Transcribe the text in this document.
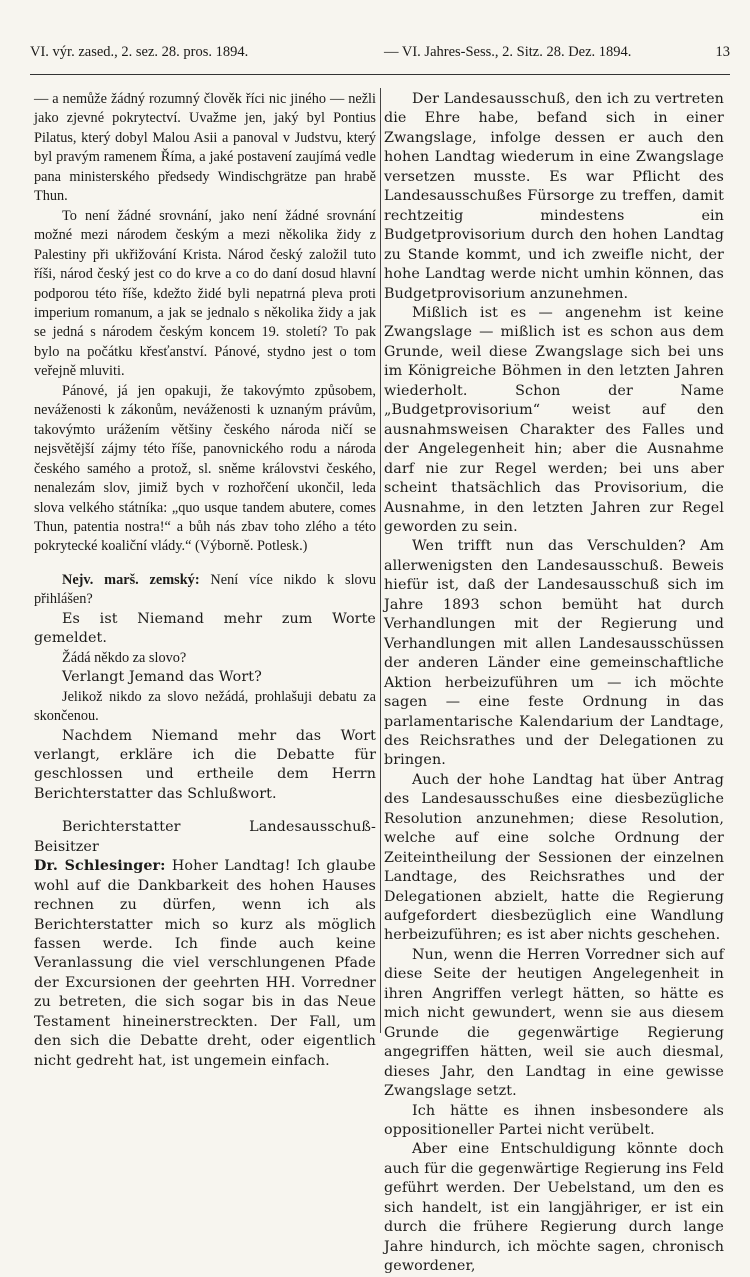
VI. výr. zased., 2. sez. 28. pros. 1894.	— VI. Jahres-Sess., 2. Sitz. 28. Dez. 1894.	13

— a nemůže žádný rozumný člověk říci nic jiného — nežli jako zjevné pokrytectví. Uvažme jen, jaký byl Pontius Pilatus, který dobyl Malou Asii a panoval v Judstvu, který byl pravým ramenem Říma, a jaké postavení zaujímá vedle pana ministerského předsedy Windischgrätze pan hrabě Thun.

To není žádné srovnání, jako není žádné srovnání možné mezi národem českým a mezi několika židy z Palestiny při ukřižování Krista. Národ český založil tuto říši, národ český jest co do krve a co do daní dosud hlavní podporou této říše, kdežto židé byli nepatrná pleva proti imperium romanum, a jak se jednalo s několika židy a jak se jedná s národem českým koncem 19. století? To pak bylo na počátku křesťanství. Pánové, stydno jest o tom veřejně mluviti.

Pánové, já jen opakuji, že takovýmto způsobem, neváženosti k zákonům, neváženosti k uznaným právům, takovýmto urážením většiny českého národa ničí se nejsvětější zájmy této říše, panovnického rodu a národa českého samého a protož, sl. sněme královstvi českého, nenalezám slov, jimiž bych v rozhořčení ukončil, leda slova velkého státníka: „quo usque tandem abutere, comes Thun, patentia nostra!“ a bůh nás zbav toho zlého a této pokrytecké koaliční vlády.“ (Výborně. Potlesk.)

Nejv. marš. zemský: Není více nikdo k slovu přihlášen?

Es ist Niemand mehr zum Worte gemeldet.

Žádá někdo za slovo?

Verlangt Jemand das Wort?

Jelikož nikdo za slovo nežádá, prohlašuji debatu za skončenou.

Nachdem Niemand mehr das Wort verlangt, erkläre ich die Debatte für geschlossen und ertheile dem Herrn Berichterstatter das Schlußwort.

Berichterstatter Landesausschuß-Beisitzer

Dr. Schlesinger: Hoher Landtag! Ich glaube wohl auf die Dankbarkeit des hohen Hauses rechnen zu dürfen, wenn ich als Berichterstatter mich so kurz als möglich fassen werde. Ich finde auch keine Veranlassung die viel verschlungenen Pfade der Excursionen der geehrten HH. Vorredner zu betreten, die sich sogar bis in das Neue Testament hineinerstreckten. Der Fall, um den sich die Debatte dreht, oder eigentlich nicht gedreht hat, ist ungemein einfach.

Der Landesausschuß, den ich zu vertreten die Ehre habe, befand sich in einer Zwangslage, infolge dessen er auch den hohen Landtag wiederum in eine Zwangslage versetzen musste. Es war Pflicht des Landesausschußes Fürsorge zu treffen, damit rechtzeitig mindestens ein Budgetprovisorium durch den hohen Landtag zu Stande kommt, und ich zweifle nicht, der hohe Landtag werde nicht umhin können, das Budgetprovisorium anzunehmen.

Mißlich ist es — angenehm ist keine Zwangslage — mißlich ist es schon aus dem Grunde, weil diese Zwangslage sich bei uns im Königreiche Böhmen in den letzten Jahren wiederholt. Schon der Name „Budgetprovisorium“ weist auf den ausnahmsweisen Charakter des Falles und der Angelegenheit hin; aber die Ausnahme darf nie zur Regel werden; bei uns aber scheint thatsächlich das Provisorium, die Ausnahme, in den letzten Jahren zur Regel geworden zu sein.

Wen trifft nun das Verschulden? Am allerwenigsten den Landesausschuß. Beweis hiefür ist, daß der Landesausschuß sich im Jahre 1893 schon bemüht hat durch Verhandlungen mit der Regierung und Verhandlungen mit allen Landesausschüssen der anderen Länder eine gemeinschaftliche Aktion herbeizuführen um — ich möchte sagen — eine feste Ordnung in das parlamentarische Kalendarium der Landtage, des Reichsrathes und der Delegationen zu bringen.

Auch der hohe Landtag hat über Antrag des Landesausschußes eine diesbezügliche Resolution anzunehmen; diese Resolution, welche auf eine solche Ordnung der Zeiteintheilung der Sessionen der einzelnen Landtage, des Reichsrathes und der Delegationen abzielt, hatte die Regierung aufgefordert diesbezüglich eine Wandlung herbeizuführen; es ist aber nichts geschehen.

Nun, wenn die Herren Vorredner sich auf diese Seite der heutigen Angelegenheit in ihren Angriffen verlegt hätten, so hätte es mich nicht gewundert, wenn sie aus diesem Grunde die gegenwärtige Regierung angegriffen hätten, weil sie auch diesmal, dieses Jahr, den Landtag in eine gewisse Zwangslage setzt.

Ich hätte es ihnen insbesondere als oppositioneller Partei nicht verübelt.

Aber eine Entschuldigung könnte doch auch für die gegenwärtige Regierung ins Feld geführt werden. Der Uebelstand, um den es sich handelt, ist ein langjähriger, er ist ein durch die frühere Regierung durch lange Jahre hindurch, ich möchte sagen, chronisch gewordener,
